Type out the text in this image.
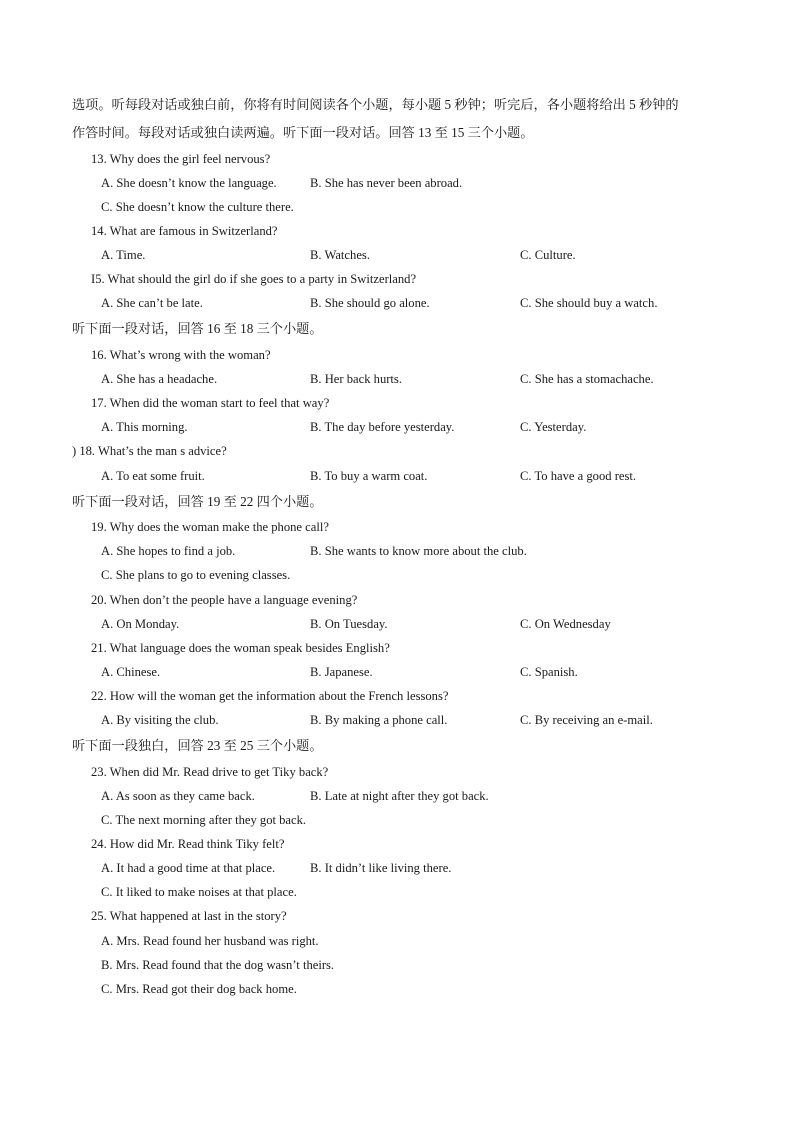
选项。听每段对话或独白前，你将有时间阅读各个小题，每小题 5 秒钟；听完后，各小题将给出 5 秒钟的
作答时间。每段对话或独白读两遍。听下面一段对话。回答 13 至 15 三个小题。
13. Why does the girl feel nervous?
A. She doesn’t know the language.	B. She has never been abroad.
C. She doesn’t know the culture there.
14. What are famous in Switzerland?
A. Time.	B. Watches.	C. Culture.
I5. What should the girl do if she goes to a party in Switzerland?
A. She can’t be late.	B. She should go alone.	C. She should buy a watch.
听下面一段对话，回答 16 至 18 三个小题。
16. What’s wrong with the woman?
A. She has a headache.	B. Her back hurts.	C. She has a stomachache.
17. When did the woman start to feel that way?
A. This morning.	B. The day before yesterday.	C. Yesterday.
) 18. What’s the man s advice?
A. To eat some fruit.	B. To buy a warm coat.	C. To have a good rest.
听下面一段对话，回答 19 至 22 四个小题。
19. Why does the woman make the phone call?
A. She hopes to find a job.	B. She wants to know more about the club.
C. She plans to go to evening classes.
20. When don’t the people have a language evening?
A. On Monday.	B. On Tuesday.	C. On Wednesday
21. What language does the woman speak besides English?
A. Chinese.	B. Japanese.	C. Spanish.
22. How will the woman get the information about the French lessons?
A. By visiting the club.	B. By making a phone call.	C. By receiving an e-mail.
听下面一段独白，回答 23 至 25 三个小题。
23. When did Mr. Read drive to get Tiky back?
A. As soon as they came back.	B. Late at night after they got back.
C. The next morning after they got back.
24. How did Mr. Read think Tiky felt?
A. It had a good time at that place.	B. It didn’t like living there.
C. It liked to make noises at that place.
25. What happened at last in the story?
A. Mrs. Read found her husband was right.
B. Mrs. Read found that the dog wasn’t theirs.
C. Mrs. Read got their dog back home.
